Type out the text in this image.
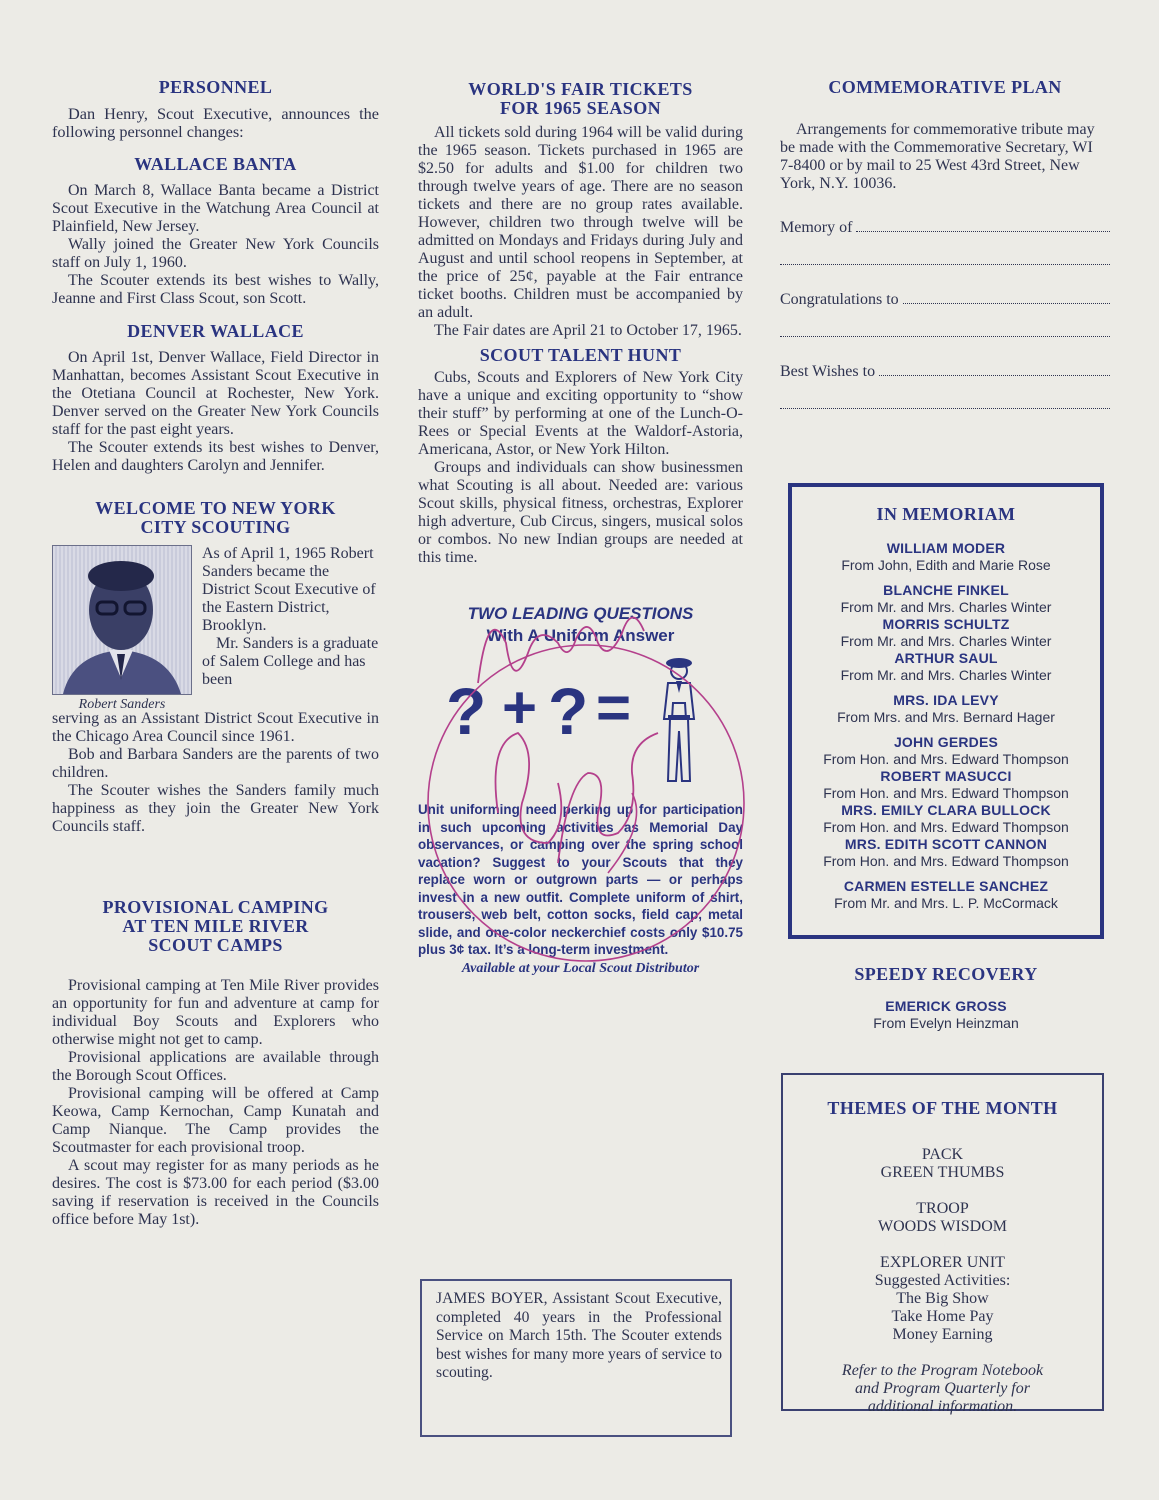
PERSONNEL

Dan Henry, Scout Executive, announces the following personnel changes:

WALLACE BANTA

On March 8, Wallace Banta became a District Scout Executive in the Watchung Area Council at Plainfield, New Jersey.

Wally joined the Greater New York Councils staff on July 1, 1960.

The Scouter extends its best wishes to Wally, Jeanne and First Class Scout, son Scott.

DENVER WALLACE

On April 1st, Denver Wallace, Field Director in Manhattan, becomes Assistant Scout Executive in the Otetiana Council at Rochester, New York. Denver served on the Greater New York Councils staff for the past eight years.

The Scouter extends its best wishes to Denver, Helen and daughters Carolyn and Jennifer.

WELCOME TO NEW YORK
CITY SCOUTING
Robert Sanders

As of April 1, 1965 Robert Sanders became the District Scout Executive of the Eastern District, Brooklyn.

Mr. Sanders is a graduate of Salem College and has been

serving as an Assistant District Scout Executive in the Chicago Area Council since 1961.

Bob and Barbara Sanders are the parents of two children.

The Scouter wishes the Sanders family much happiness as they join the Greater New York Councils staff.

PROVISIONAL CAMPING
AT TEN MILE RIVER
SCOUT CAMPS

Provisional camping at Ten Mile River provides an opportunity for fun and adventure at camp for individual Boy Scouts and Explorers who otherwise might not get to camp.

Provisional applications are available through the Borough Scout Offices.

Provisional camping will be offered at Camp Keowa, Camp Kernochan, Camp Kunatah and Camp Nianque. The Camp provides the Scoutmaster for each provisional troop.

A scout may register for as many periods as he desires. The cost is $73.00 for each period ($3.00 saving if reservation is received in the Councils office before May 1st).

WORLD'S FAIR TICKETS
FOR 1965 SEASON

All tickets sold during 1964 will be valid during the 1965 season. Tickets purchased in 1965 are $2.50 for adults and $1.00 for children two through twelve years of age. There are no season tickets and there are no group rates available. However, children two through twelve will be admitted on Mondays and Fridays during July and August and until school reopens in September, at the price of 25¢, payable at the Fair entrance ticket booths. Children must be accompanied by an adult.

The Fair dates are April 21 to October 17, 1965.

SCOUT TALENT HUNT

Cubs, Scouts and Explorers of New York City have a unique and exciting opportunity to “show their stuff” by performing at one of the Lunch-O-Rees or Special Events at the Waldorf-Astoria, Americana, Astor, or New York Hilton.

Groups and individuals can show businessmen what Scouting is all about. Needed are: various Scout skills, physical fitness, orchestras, Explorer high adverture, Cub Circus, singers, musical solos or combos. No new Indian groups are needed at this time.

TWO LEADING QUESTIONS
With A Uniform Answer
? + ? =

Unit uniforming need perking up for participation in such upcoming activities as Memorial Day observances, or camping over the spring school vacation? Suggest to your Scouts that they replace worn or outgrown parts — or perhaps invest in a new outfit. Complete uniform of shirt, trousers, web belt, cotton socks, field cap, metal slide, and one-color neckerchief costs only $10.75 plus 3¢ tax. It’s a long-term investment.

Available at your Local Scout Distributor

JAMES BOYER, Assistant Scout Executive, completed 40 years in the Professional Service on March 15th. The Scouter extends best wishes for many more years of service to scouting.

COMMEMORATIVE PLAN

Arrangements for commemorative tribute may be made with the Commemorative Secretary, WI 7-8400 or by mail to 25 West 43rd Street, New York, N.Y. 10036.

Memory of
Congratulations to
Best Wishes to
IN MEMORIAM
WILLIAM MODER
From John, Edith and Marie Rose
BLANCHE FINKEL
From Mr. and Mrs. Charles Winter
MORRIS SCHULTZ
From Mr. and Mrs. Charles Winter
ARTHUR SAUL
From Mr. and Mrs. Charles Winter
MRS. IDA LEVY
From Mrs. and Mrs. Bernard Hager
JOHN GERDES
From Hon. and Mrs. Edward Thompson
ROBERT MASUCCI
From Hon. and Mrs. Edward Thompson
MRS. EMILY CLARA BULLOCK
From Hon. and Mrs. Edward Thompson
MRS. EDITH SCOTT CANNON
From Hon. and Mrs. Edward Thompson
CARMEN ESTELLE SANCHEZ
From Mr. and Mrs. L. P. McCormack
SPEEDY RECOVERY
EMERICK GROSS
From Evelyn Heinzman
THEMES OF THE MONTH
PACK
GREEN THUMBS
TROOP
WOODS WISDOM
EXPLORER UNIT
Suggested Activities:
The Big Show
Take Home Pay
Money Earning
Refer to the Program Notebook
and Program Quarterly for
additional information.
